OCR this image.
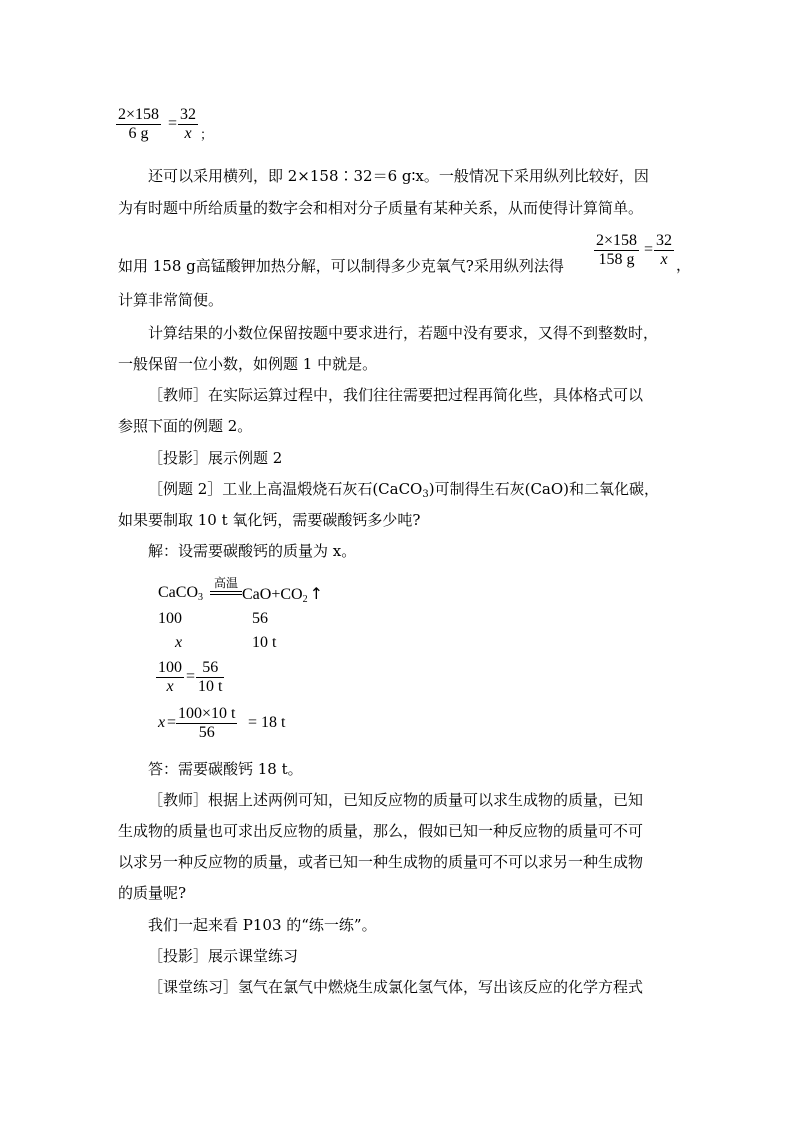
2×158
6 g
=
32
x ；
还可以采用横列，即 2×158∶32＝6 g∶x。一般情况下采用纵列比较好，因
为有时题中所给质量的数字会和相对分子质量有某种关系，从而使得计算简单。
如用 158 g高锰酸钾加热分解，可以制得多少克氧气?采用纵列法得
2×158
158 g
=
32
x ，
计算非常简便。
计算结果的小数位保留按题中要求进行，若题中没有要求，又得不到整数时，
一般保留一位小数，如例题 1 中就是。
［教师］在实际运算过程中，我们往往需要把过程再简化些，具体格式可以
参照下面的例题 2。
［投影］展示例题 2
［例题 2］工业上高温煅烧石灰石(CaCO$_3$)可制得生石灰(CaO)和二氧化碳，
如果要制取 10 t 氧化钙，需要碳酸钙多少吨?
解：设需要碳酸钙的质量为 x。
CaCO$_3$
高温
$CaO+CO_2$ ↑
100	56
x	10 t
100
x
=
56
10 t
x =
100×10 t
56
= 18 t
答：需要碳酸钙 18 t。
［教师］根据上述两例可知，已知反应物的质量可以求生成物的质量，已知
生成物的质量也可求出反应物的质量，那么，假如已知一种反应物的质量可不可
以求另一种反应物的质量，或者已知一种生成物的质量可不可以求另一种生成物
的质量呢?
我们一起来看 P103 的“练一练”。
［投影］展示课堂练习
［课堂练习］氢气在氯气中燃烧生成氯化氢气体，写出该反应的化学方程式
